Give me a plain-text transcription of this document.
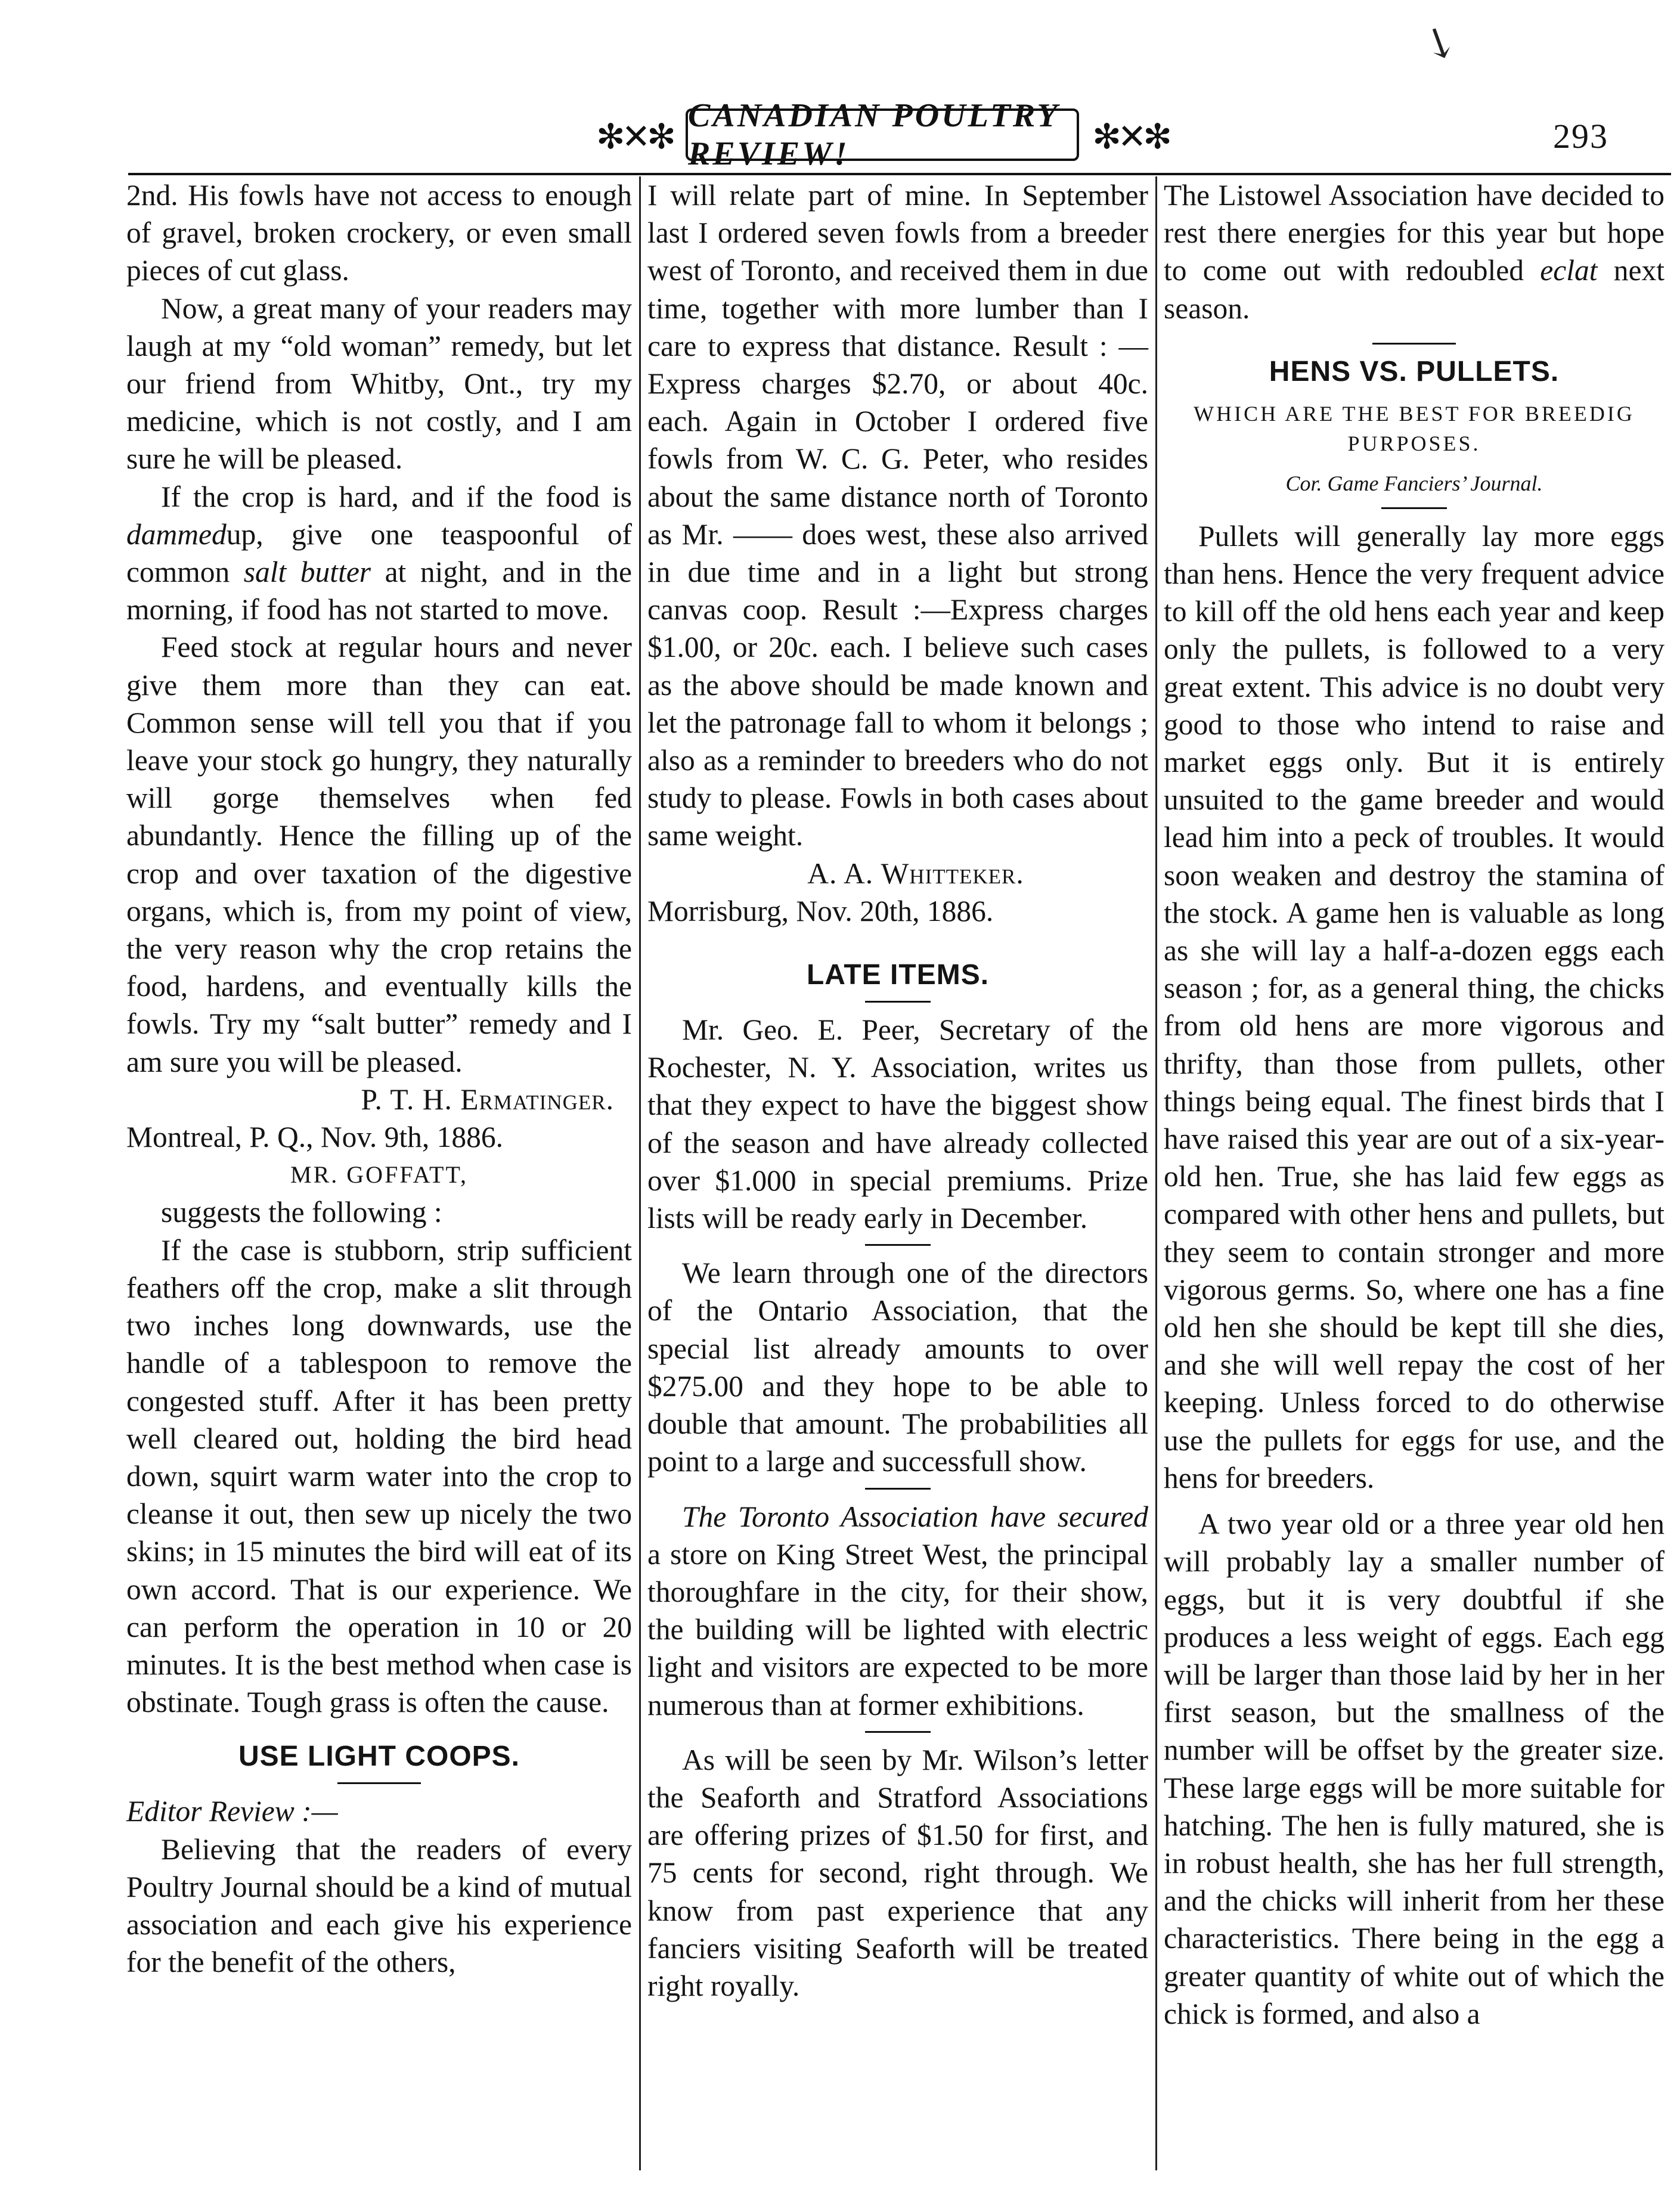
↘
✻✕✻
CANADIAN POULTRY REVIEW!	✻✕✻	293

2nd. His fowls have not access to enough of gravel, broken crockery, or even small pieces of cut glass.

Now, a great many of your readers may laugh at my “old woman” remedy, but let our friend from Whitby, Ont., try my medicine, which is not costly, and I am sure he will be pleased.

If the crop is hard, and if the food is dammedup, give one teaspoonful of common salt butter at night, and in the morning, if food has not started to move.

Feed stock at regular hours and never give them more than they can eat. Common sense will tell you that if you leave your stock go hungry, they naturally will gorge themselves when fed abundantly. Hence the filling up of the crop and over taxation of the digestive organs, which is, from my point of view, the very reason why the crop retains the food, hardens, and eventually kills the fowls. Try my “salt butter” remedy and I am sure you will be pleased.

P. T. H. Ermatinger.
Montreal, P. Q., Nov. 9th, 1886.
MR. GOFFATT,

suggests the following :

If the case is stubborn, strip sufficient feathers off the crop, make a slit through two inches long downwards, use the handle of a tablespoon to remove the congested stuff. After it has been pretty well cleared out, holding the bird head down, squirt warm water into the crop to cleanse it out, then sew up nicely the two skins; in 15 minutes the bird will eat of its own accord. That is our experience. We can perform the operation in 10 or 20 minutes. It is the best method when case is obstinate. Tough grass is often the cause.

USE LIGHT COOPS.

Editor Review :—

Believing that the readers of every Poultry Journal should be a kind of mutual association and each give his experience for the benefit of the others,

I will relate part of mine. In September last I ordered seven fowls from a breeder west of Toronto, and received them in due time, together with more lumber than I care to express that distance. Result : — Express charges $2.70, or about 40c. each. Again in October I ordered five fowls from W. C. G. Peter, who resides about the same distance north of Toronto as Mr. —— does west, these also arrived in due time and in a light but strong canvas coop. Result :—Express charges $1.00, or 20c. each. I believe such cases as the above should be made known and let the patronage fall to whom it belongs ; also as a reminder to breeders who do not study to please. Fowls in both cases about same weight.

A. A. Whitteker.
Morrisburg, Nov. 20th, 1886.
LATE ITEMS.

Mr. Geo. E. Peer, Secretary of the Rochester, N. Y. Association, writes us that they expect to have the biggest show of the season and have already collected over $1.000 in special premiums. Prize lists will be ready early in December.

We learn through one of the directors of the Ontario Association, that the special list already amounts to over $275.00 and they hope to be able to double that amount. The probabilities all point to a large and successfull show.

The Toronto Association have secured a store on King Street West, the principal thoroughfare in the city, for their show, the building will be lighted with electric light and visitors are expected to be more numerous than at former exhibitions.

As will be seen by Mr. Wilson’s letter the Seaforth and Stratford Associations are offering prizes of $1.50 for first, and 75 cents for second, right through. We know from past experience that any fanciers visiting Seaforth will be treated right royally.

The Listowel Association have decided to rest there energies for this year but hope to come out with redoubled eclat next season.

HENS VS. PULLETS.
WHICH ARE THE BEST FOR BREEDIG PURPOSES.
Cor. Game Fanciers’ Journal.

Pullets will generally lay more eggs than hens. Hence the very frequent advice to kill off the old hens each year and keep only the pullets, is followed to a very great extent. This advice is no doubt very good to those who intend to raise and market eggs only. But it is entirely unsuited to the game breeder and would lead him into a peck of troubles. It would soon weaken and destroy the stamina of the stock. A game hen is valuable as long as she will lay a half-a-dozen eggs each season ; for, as a general thing, the chicks from old hens are more vigorous and thrifty, than those from pullets, other things being equal. The finest birds that I have raised this year are out of a six-year-old hen. True, she has laid few eggs as compared with other hens and pullets, but they seem to contain stronger and more vigorous germs. So, where one has a fine old hen she should be kept till she dies, and she will well repay the cost of her keeping. Unless forced to do otherwise use the pullets for eggs for use, and the hens for breeders.

A two year old or a three year old hen will probably lay a smaller number of eggs, but it is very doubtful if she produces a less weight of eggs. Each egg will be larger than those laid by her in her first season, but the smallness of the number will be offset by the greater size. These large eggs will be more suitable for hatching. The hen is fully matured, she is in robust health, she has her full strength, and the chicks will inherit from her these characteristics. There being in the egg a greater quantity of white out of which the chick is formed, and also a
